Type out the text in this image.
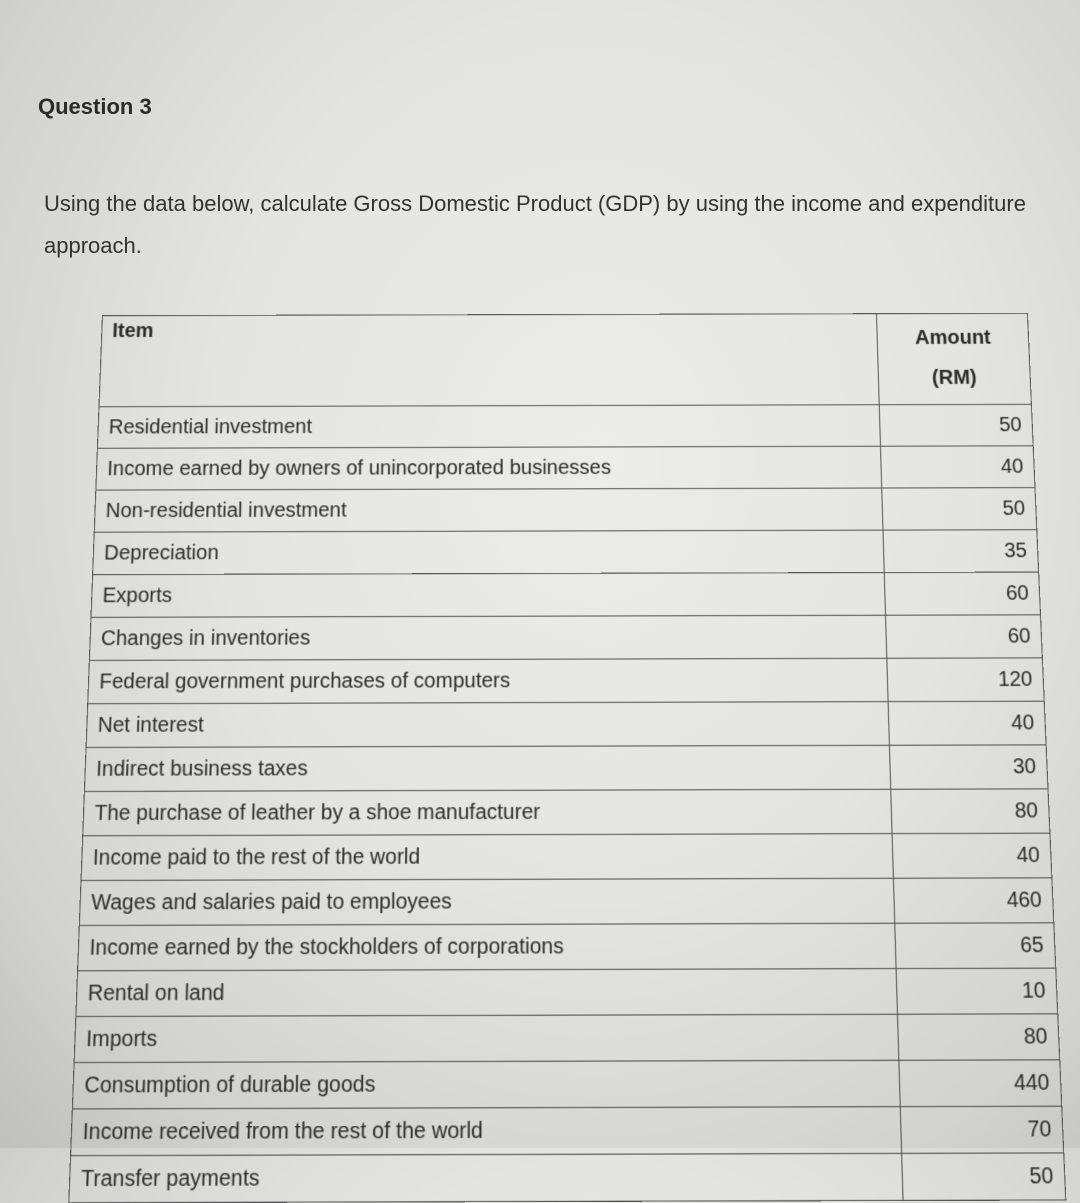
Question 3

Using the data below, calculate Gross Domestic Product (GDP) by using the income and expenditure approach.

Item	Amount
(RM)

Residential investment	50
Income earned by owners of unincorporated businesses	40
Non-residential investment	50
Depreciation	35
Exports	60
Changes in inventories	60
Federal government purchases of computers	120
Net interest	40
Indirect business taxes	30
The purchase of leather by a shoe manufacturer	80
Income paid to the rest of the world	40
Wages and salaries paid to employees	460
Income earned by the stockholders of corporations	65
Rental on land	10
Imports	80
Consumption of durable goods	440
Income received from the rest of the world	70
Transfer payments	50
